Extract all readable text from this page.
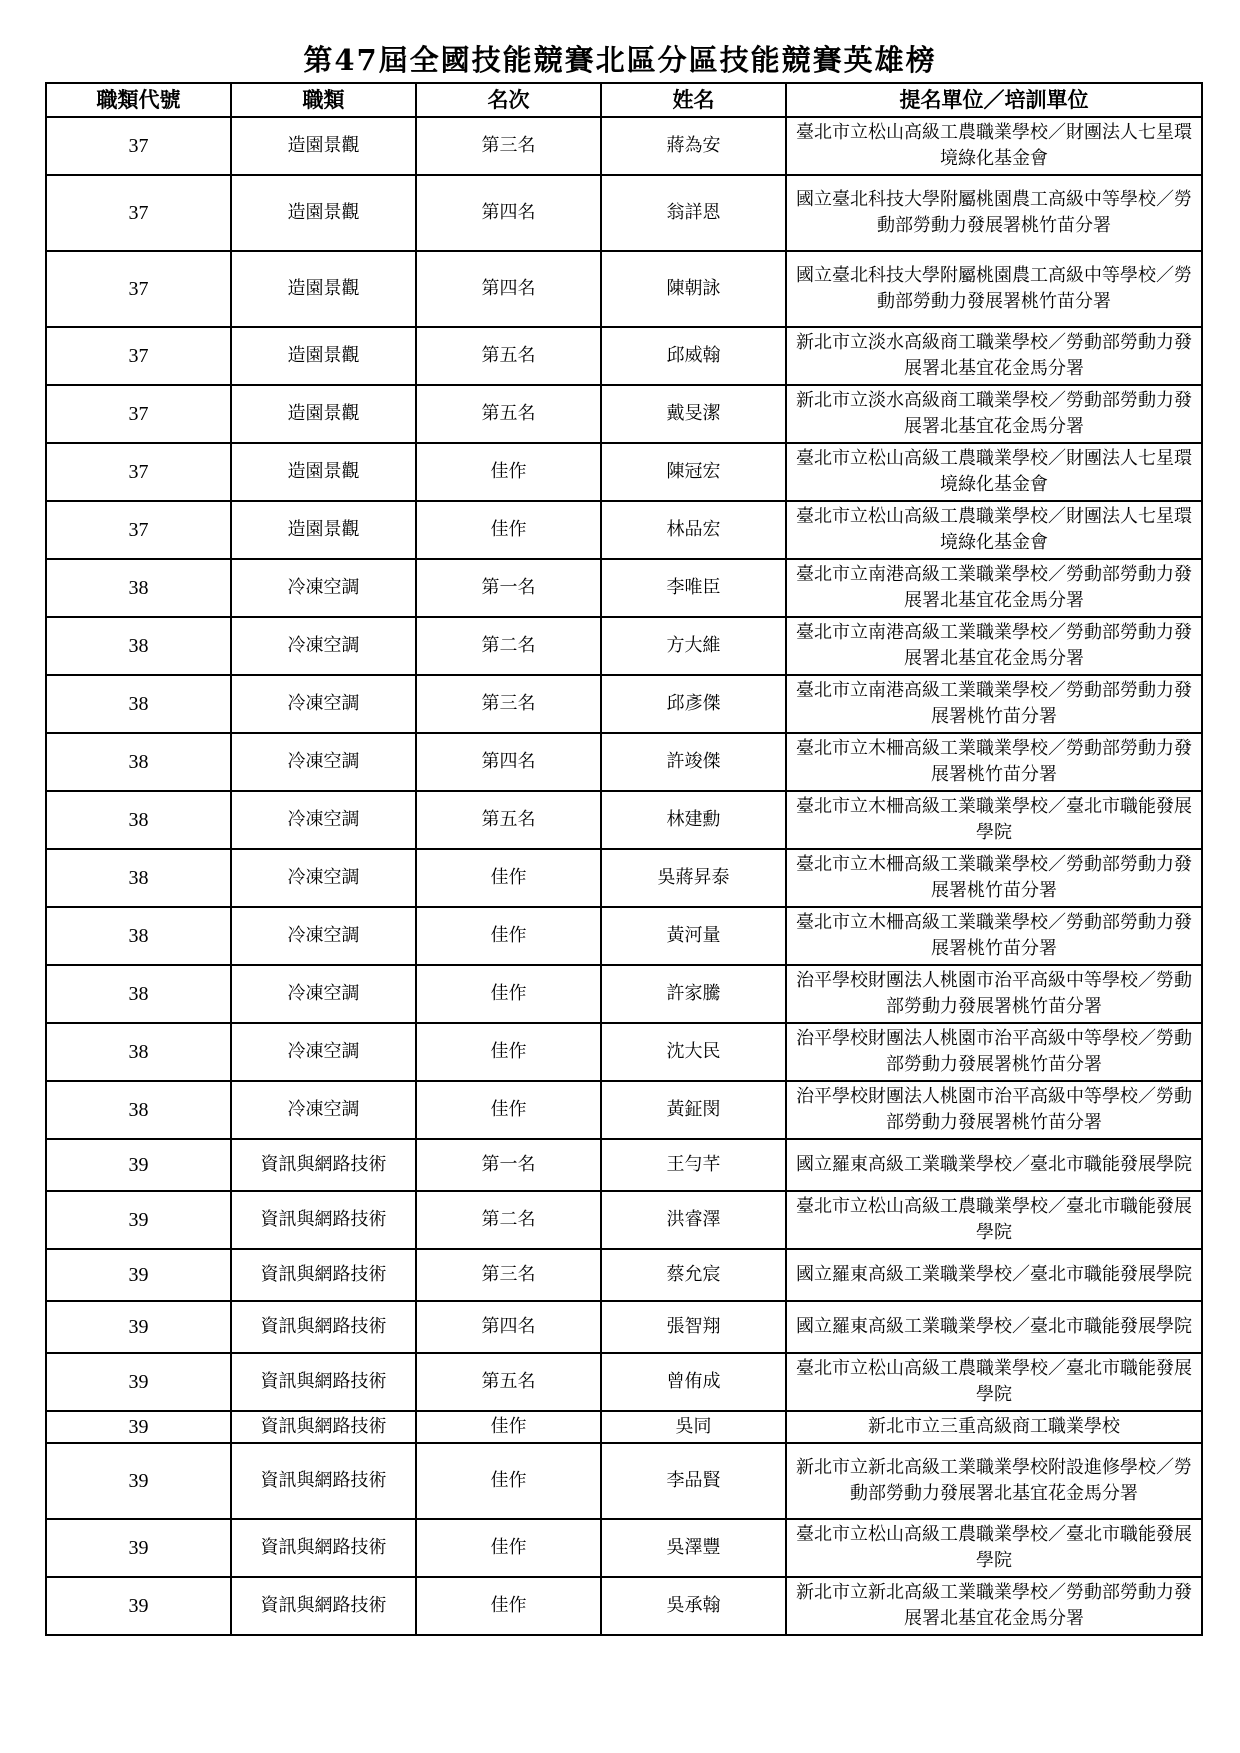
第47屆全國技能競賽北區分區技能競賽英雄榜
職類代號	職類	名次	姓名	提名單位／培訓單位
37	造園景觀	第三名	蔣為安	臺北市立松山高級工農職業學校／財團法人七星環境綠化基金會
37	造園景觀	第四名	翁詳恩	國立臺北科技大學附屬桃園農工高級中等學校／勞動部勞動力發展署桃竹苗分署
37	造園景觀	第四名	陳朝詠	國立臺北科技大學附屬桃園農工高級中等學校／勞動部勞動力發展署桃竹苗分署
37	造園景觀	第五名	邱威翰	新北市立淡水高級商工職業學校／勞動部勞動力發展署北基宜花金馬分署
37	造園景觀	第五名	戴旻潔	新北市立淡水高級商工職業學校／勞動部勞動力發展署北基宜花金馬分署
37	造園景觀	佳作	陳冠宏	臺北市立松山高級工農職業學校／財團法人七星環境綠化基金會
37	造園景觀	佳作	林品宏	臺北市立松山高級工農職業學校／財團法人七星環境綠化基金會
38	冷凍空調	第一名	李唯臣	臺北市立南港高級工業職業學校／勞動部勞動力發展署北基宜花金馬分署
38	冷凍空調	第二名	方大維	臺北市立南港高級工業職業學校／勞動部勞動力發展署北基宜花金馬分署
38	冷凍空調	第三名	邱彥傑	臺北市立南港高級工業職業學校／勞動部勞動力發展署桃竹苗分署
38	冷凍空調	第四名	許竣傑	臺北市立木柵高級工業職業學校／勞動部勞動力發展署桃竹苗分署
38	冷凍空調	第五名	林建勳	臺北市立木柵高級工業職業學校／臺北市職能發展學院
38	冷凍空調	佳作	吳蔣昇泰	臺北市立木柵高級工業職業學校／勞動部勞動力發展署桃竹苗分署
38	冷凍空調	佳作	黃河量	臺北市立木柵高級工業職業學校／勞動部勞動力發展署桃竹苗分署
38	冷凍空調	佳作	許家騰	治平學校財團法人桃園市治平高級中等學校／勞動部勞動力發展署桃竹苗分署
38	冷凍空調	佳作	沈大民	治平學校財團法人桃園市治平高級中等學校／勞動部勞動力發展署桃竹苗分署
38	冷凍空調	佳作	黃鉦閔	治平學校財團法人桃園市治平高級中等學校／勞動部勞動力發展署桃竹苗分署
39	資訊與網路技術	第一名	王勻芊	國立羅東高級工業職業學校／臺北市職能發展學院
39	資訊與網路技術	第二名	洪睿澤	臺北市立松山高級工農職業學校／臺北市職能發展學院
39	資訊與網路技術	第三名	蔡允宸	國立羅東高級工業職業學校／臺北市職能發展學院
39	資訊與網路技術	第四名	張智翔	國立羅東高級工業職業學校／臺北市職能發展學院
39	資訊與網路技術	第五名	曾侑成	臺北市立松山高級工農職業學校／臺北市職能發展學院
39	資訊與網路技術	佳作	吳同	新北市立三重高級商工職業學校
39	資訊與網路技術	佳作	李品賢	新北市立新北高級工業職業學校附設進修學校／勞動部勞動力發展署北基宜花金馬分署
39	資訊與網路技術	佳作	吳澤豐	臺北市立松山高級工農職業學校／臺北市職能發展學院
39	資訊與網路技術	佳作	吳承翰	新北市立新北高級工業職業學校／勞動部勞動力發展署北基宜花金馬分署
